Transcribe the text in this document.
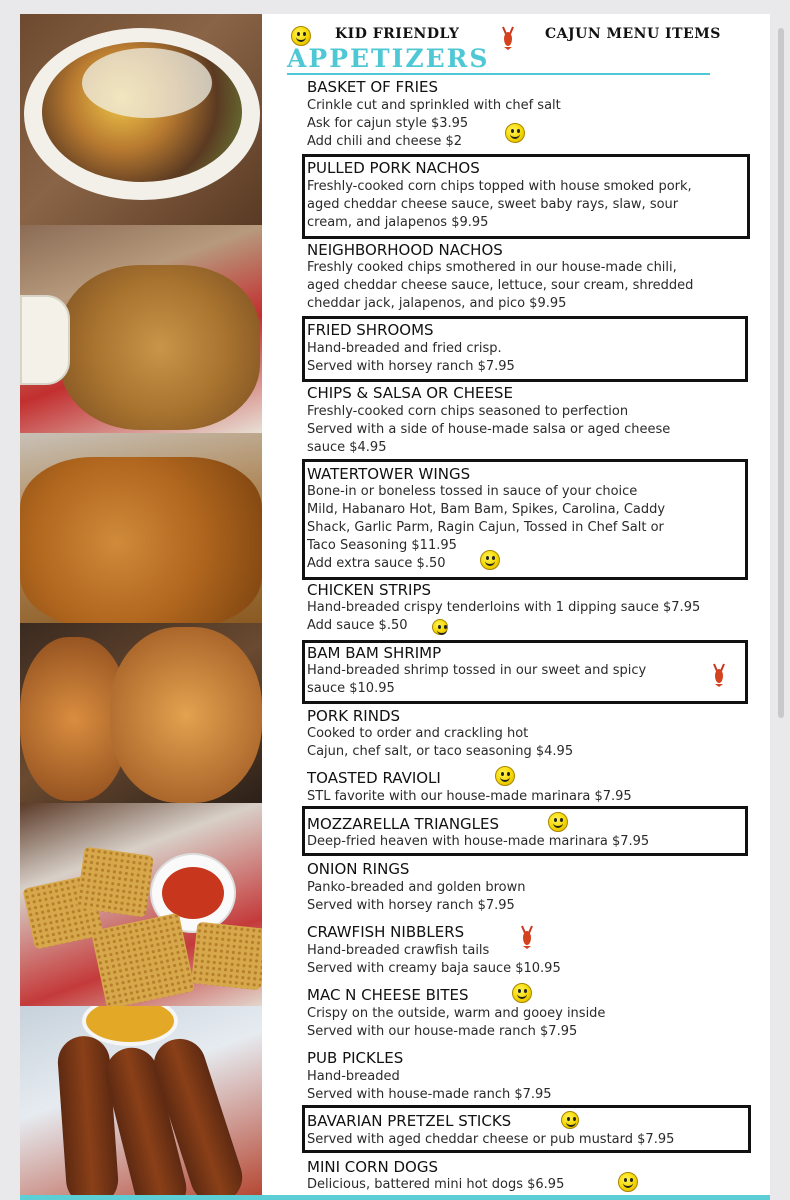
KID FRIENDLY	CAJUN MENU ITEMS
APPETIZERS
BASKET OF FRIES
Crinkle cut and sprinkled with chef salt
Ask for cajun style $3.95
Add chili and cheese $2
PULLED PORK NACHOS
Freshly-cooked corn chips topped with house smoked pork,
aged cheddar cheese sauce, sweet baby rays, slaw, sour
cream, and jalapenos $9.95
NEIGHBORHOOD NACHOS
Freshly cooked chips smothered in our house-made chili,
aged cheddar cheese sauce, lettuce, sour cream, shredded
cheddar jack, jalapenos, and pico $9.95
FRIED SHROOMS
Hand-breaded and fried crisp.
Served with horsey ranch $7.95
CHIPS & SALSA OR CHEESE
Freshly-cooked corn chips seasoned to perfection
Served with a side of house-made salsa or aged cheese
sauce $4.95
WATERTOWER WINGS
Bone-in or boneless tossed in sauce of your choice
Mild, Habanaro Hot, Bam Bam, Spikes, Carolina, Caddy
Shack, Garlic Parm, Ragin Cajun, Tossed in Chef Salt or
Taco Seasoning $11.95
Add extra sauce $.50
CHICKEN STRIPS
Hand-breaded crispy tenderloins with 1 dipping sauce $7.95
Add sauce $.50
BAM BAM SHRIMP
Hand-breaded shrimp tossed in our sweet and spicy
sauce $10.95
PORK RINDS
Cooked to order and crackling hot
Cajun, chef salt, or taco seasoning $4.95
TOASTED RAVIOLI
STL favorite with our house-made marinara $7.95
MOZZARELLA TRIANGLES
Deep-fried heaven with house-made marinara $7.95
ONION RINGS
Panko-breaded and golden brown
Served with horsey ranch $7.95
CRAWFISH NIBBLERS
Hand-breaded crawfish tails
Served with creamy baja sauce $10.95
MAC N CHEESE BITES
Crispy on the outside, warm and gooey inside
Served with our house-made ranch $7.95
PUB PICKLES
Hand-breaded
Served with house-made ranch $7.95
BAVARIAN PRETZEL STICKS
Served with aged cheddar cheese or pub mustard $7.95
MINI CORN DOGS
Delicious, battered mini hot dogs $6.95
